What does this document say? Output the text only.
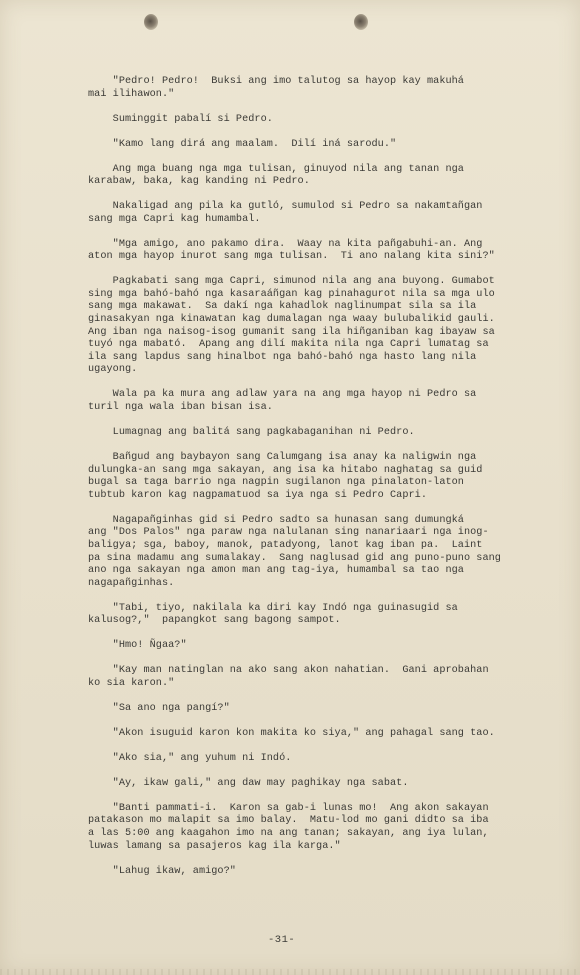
"Pedro! Pedro!  Buksi ang imo talutog sa hayop kay makuhá
mai ilihawon."

Suminggit pabalí si Pedro.

"Kamo lang dirá ang maalam.  Dilí iná sarodu."

Ang mga buang nga mga tulisan, ginuyod nila ang tanan nga
karabaw, baka, kag kanding ni Pedro.

Nakaligad ang pila ka gutló, sumulod si Pedro sa nakamtañgan
sang mga Capri kag humambal.

"Mga amigo, ano pakamo dira.  Waay na kita pañgabuhi-an. Ang
aton mga hayop inurot sang mga tulisan.  Ti ano nalang kita sini?"

Pagkabati sang mga Capri, simunod nila ang ana buyong. Gumabot
sing mga bahó-bahó nga kasaraáñgan kag pinahagurot nila sa mga ulo
sang mga makawat.  Sa dakí nga kahadlok naglinumpat sila sa ila
ginasakyan nga kinawatan kag dumalagan nga waay bulubalikid gauli.
Ang iban nga naisog-isog gumanit sang ila hiñganiban kag ibayaw sa
tuyó nga mabató.  Apang ang dilí makita nila nga Capri lumatag sa
ila sang lapdus sang hinalbot nga bahó-bahó nga hasto lang nila
ugayong.

Wala pa ka mura ang adlaw yara na ang mga hayop ni Pedro sa
turil nga wala iban bisan isa.

Lumagnag ang balitá sang pagkabaganihan ni Pedro.

Bañgud ang baybayon sang Calumgang isa anay ka naligwin nga
dulungka-an sang mga sakayan, ang isa ka hitabo naghatag sa guid
bugal sa taga barrio nga nagpin sugilanon nga pinalaton-laton
tubtub karon kag nagpamatuod sa iya nga si Pedro Capri.

Nagapañginhas gid si Pedro sadto sa hunasan sang dumungká
ang "Dos Palos" nga paraw nga nalulanan sing nanariaari nga inog-
baligya; sga, baboy, manok, patadyong, lanot kag iban pa.  Laint
pa sina madamu ang sumalakay.  Sang naglusad gid ang puno-puno sang
ano nga sakayan nga amon man ang tag-iya, humambal sa tao nga
nagapañginhas.

"Tabi, tiyo, nakilala ka diri kay Indó nga guinasugid sa
kalusog?,"  papangkot sang bagong sampot.

"Hmo! Ñgaa?"

"Kay man natinglan na ako sang akon nahatian.  Gani aprobahan
ko sia karon."

"Sa ano nga pangí?"

"Akon isuguid karon kon makita ko siya," ang pahagal sang tao.

"Ako sia," ang yuhum ni Indó.

"Ay, ikaw gali," ang daw may paghikay nga sabat.

"Banti pammati-i.  Karon sa gab-i lunas mo!  Ang akon sakayan
patakason mo malapit sa imo balay.  Matu-lod mo gani didto sa iba
a las 5:00 ang kaagahon imo na ang tanan; sakayan, ang iya lulan,
luwas lamang sa pasajeros kag ila karga."

"Lahug ikaw, amigo?"

-31-
